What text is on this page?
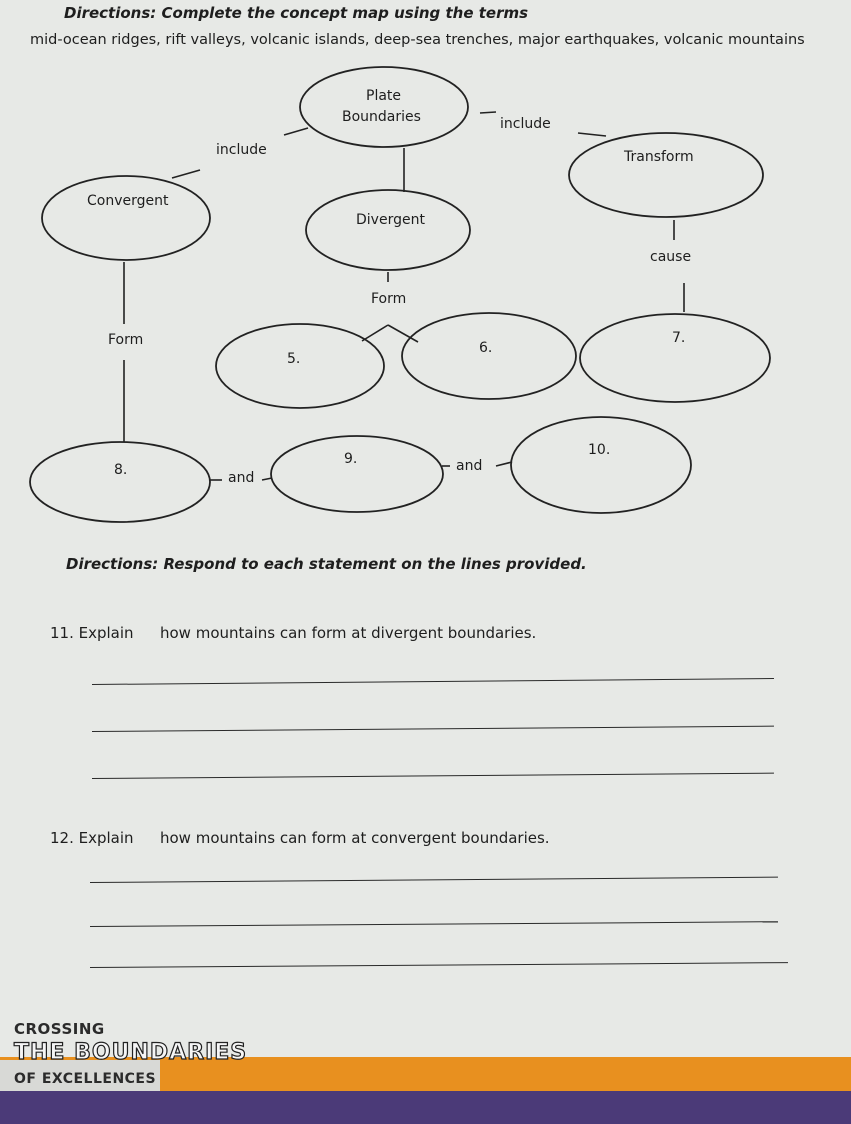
Directions: Complete the concept map using the terms
mid-ocean ridges, rift valleys, volcanic islands, deep-sea trenches, major earthquakes, volcanic mountains
Plate
Boundaries
include
include
Convergent
Divergent
Transform
cause
Form
Form
5.
6.
7.
8.	and
9.	and
10.
Directions: Respond to each statement on the lines provided.
11. Explain how mountains can form at divergent boundaries.
12. Explain how mountains can form at convergent boundaries.
CROSSING
THE BOUNDARIES
OF EXCELLENCES
